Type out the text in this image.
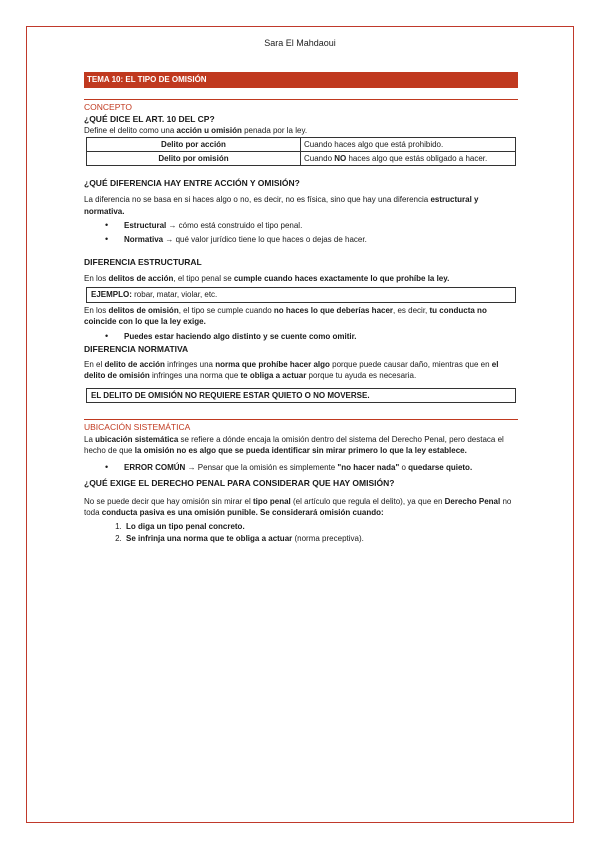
Sara El Mahdaoui
TEMA 10: EL TIPO DE OMISIÓN
CONCEPTO
¿QUÉ DICE EL ART. 10 DEL CP?

Define el delito como una acción u omisión penada por la ley.

Delito por acción	Cuando haces algo que está prohibido.
Delito por omisión	Cuando NO haces algo que estás obligado a hacer.
¿QUÉ DIFERENCIA HAY ENTRE ACCIÓN Y OMISIÓN?

La diferencia no se basa en si haces algo o no, es decir, no es física, sino que hay una diferencia estructural y normativa.

• Estructural → cómo está construido el tipo penal.
• Normativa → qué valor jurídico tiene lo que haces o dejas de hacer.
DIFERENCIA ESTRUCTURAL

En los delitos de acción, el tipo penal se cumple cuando haces exactamente lo que prohíbe la ley.

EJEMPLO: robar, matar, violar, etc.

En los delitos de omisión, el tipo se cumple cuando no haces lo que deberías hacer, es decir, tu conducta no coincide con lo que la ley exige.

• Puedes estar haciendo algo distinto y se cuente como omitir.
DIFERENCIA NORMATIVA

En el delito de acción infringes una norma que prohíbe hacer algo porque puede causar daño, mientras que en el delito de omisión infringes una norma que te obliga a actuar porque tu ayuda es necesaria.

EL DELITO DE OMISIÓN NO REQUIERE ESTAR QUIETO O NO MOVERSE.
UBICACIÓN SISTEMÁTICA

La ubicación sistemática se refiere a dónde encaja la omisión dentro del sistema del Derecho Penal, pero destaca el hecho de que la omisión no es algo que se pueda identificar sin mirar primero lo que la ley establece.

• ERROR COMÚN → Pensar que la omisión es simplemente "no hacer nada" o quedarse quieto.
¿QUÉ EXIGE EL DERECHO PENAL PARA CONSIDERAR QUE HAY OMISIÓN?

No se puede decir que hay omisión sin mirar el tipo penal (el artículo que regula el delito), ya que en Derecho Penal no toda conducta pasiva es una omisión punible. Se considerará omisión cuando:

1. Lo diga un tipo penal concreto.
2. Se infrinja una norma que te obliga a actuar (norma preceptiva).
